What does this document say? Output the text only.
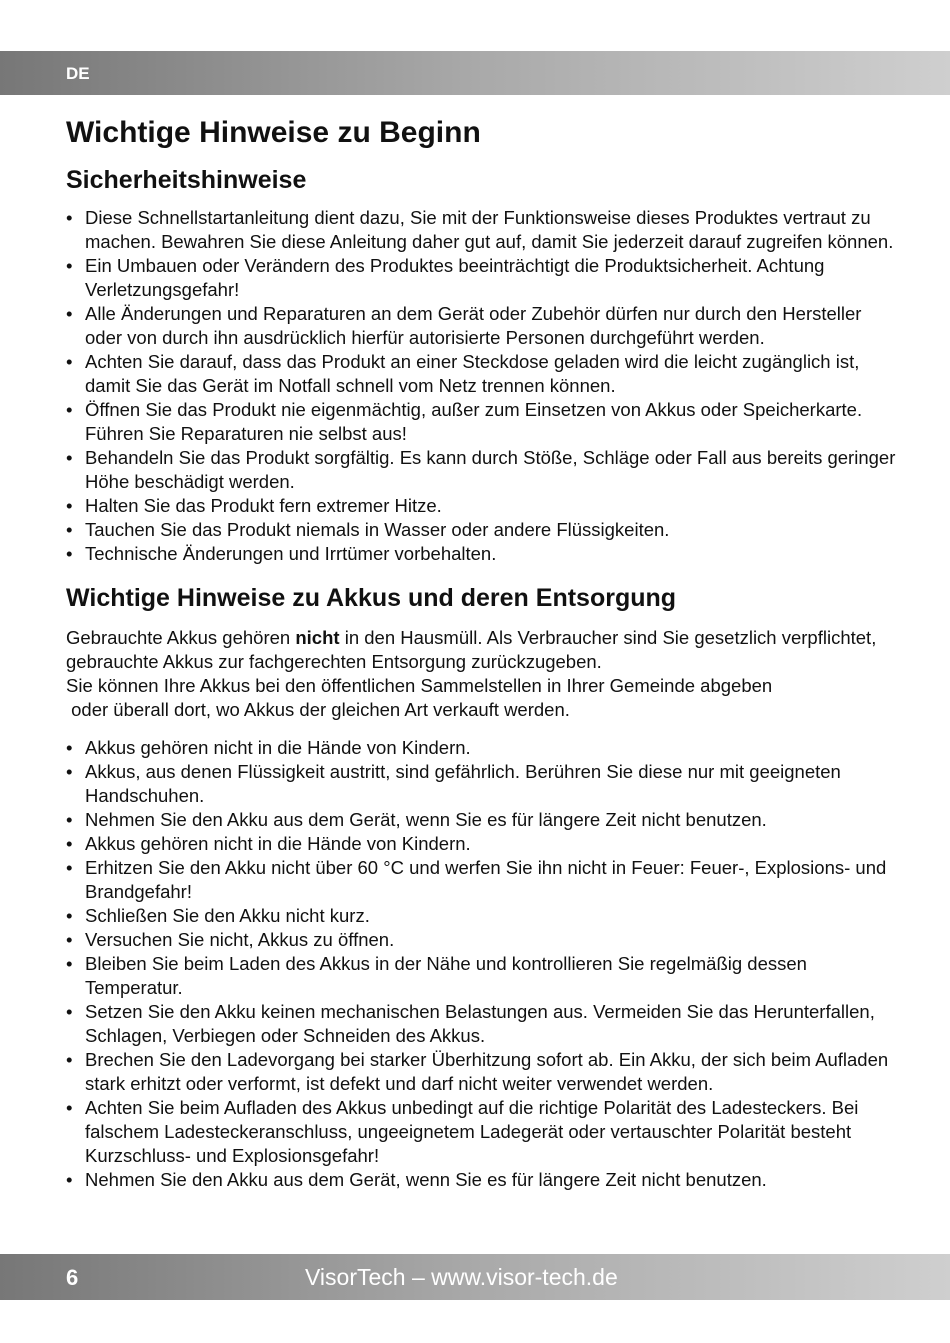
DE
Wichtige Hinweise zu Beginn
Sicherheitshinweise
• Diese Schnellstartanleitung dient dazu, Sie mit der Funktionsweise dieses Produktes vertraut zu machen. Bewahren Sie diese Anleitung daher gut auf, damit Sie jederzeit darauf zugreifen können.
• Ein Umbauen oder Verändern des Produktes beeinträchtigt die Produktsicherheit. Achtung Verletzungsgefahr!
• Alle Änderungen und Reparaturen an dem Gerät oder Zubehör dürfen nur durch den Hersteller oder von durch ihn ausdrücklich hierfür autorisierte Personen durchgeführt werden.
• Achten Sie darauf, dass das Produkt an einer Steckdose geladen wird die leicht zugänglich ist, damit Sie das Gerät im Notfall schnell vom Netz trennen können.
• Öffnen Sie das Produkt nie eigenmächtig, außer zum Einsetzen von Akkus oder Speicherkarte. Führen Sie Reparaturen nie selbst aus!
• Behandeln Sie das Produkt sorgfältig. Es kann durch Stöße, Schläge oder Fall aus bereits geringer Höhe beschädigt werden.
• Halten Sie das Produkt fern extremer Hitze.
• Tauchen Sie das Produkt niemals in Wasser oder andere Flüssigkeiten.
• Technische Änderungen und Irrtümer vorbehalten.
Wichtige Hinweise zu Akkus und deren Entsorgung

Gebrauchte Akkus gehören nicht in den Hausmüll. Als Verbraucher sind Sie gesetzlich verpflichtet, gebrauchte Akkus zur fachgerechten Entsorgung zurückzugeben.

Sie können Ihre Akkus bei den öffentlichen Sammelstellen in Ihrer Gemeinde abgeben
oder überall dort, wo Akkus der gleichen Art verkauft werden.

• Akkus gehören nicht in die Hände von Kindern.
• Akkus, aus denen Flüssigkeit austritt, sind gefährlich. Berühren Sie diese nur mit geeigneten Handschuhen.
• Nehmen Sie den Akku aus dem Gerät, wenn Sie es für längere Zeit nicht benutzen.
• Akkus gehören nicht in die Hände von Kindern.
• Erhitzen Sie den Akku nicht über 60 °C und werfen Sie ihn nicht in Feuer: Feuer-, Explosions- und Brandgefahr!
• Schließen Sie den Akku nicht kurz.
• Versuchen Sie nicht, Akkus zu öffnen.
• Bleiben Sie beim Laden des Akkus in der Nähe und kontrollieren Sie regelmäßig dessen Temperatur.
• Setzen Sie den Akku keinen mechanischen Belastungen aus. Vermeiden Sie das Herunterfallen, Schlagen, Verbiegen oder Schneiden des Akkus.
• Brechen Sie den Ladevorgang bei starker Überhitzung sofort ab. Ein Akku, der sich beim Aufladen stark erhitzt oder verformt, ist defekt und darf nicht weiter verwendet werden.
• Achten Sie beim Aufladen des Akkus unbedingt auf die richtige Polarität des Ladesteckers. Bei falschem Ladesteckeranschluss, ungeeignetem Ladegerät oder vertauschter Polarität besteht Kurzschluss- und Explosionsgefahr!
• Nehmen Sie den Akku aus dem Gerät, wenn Sie es für längere Zeit nicht benutzen.
6	VisorTech – www.visor-tech.de
